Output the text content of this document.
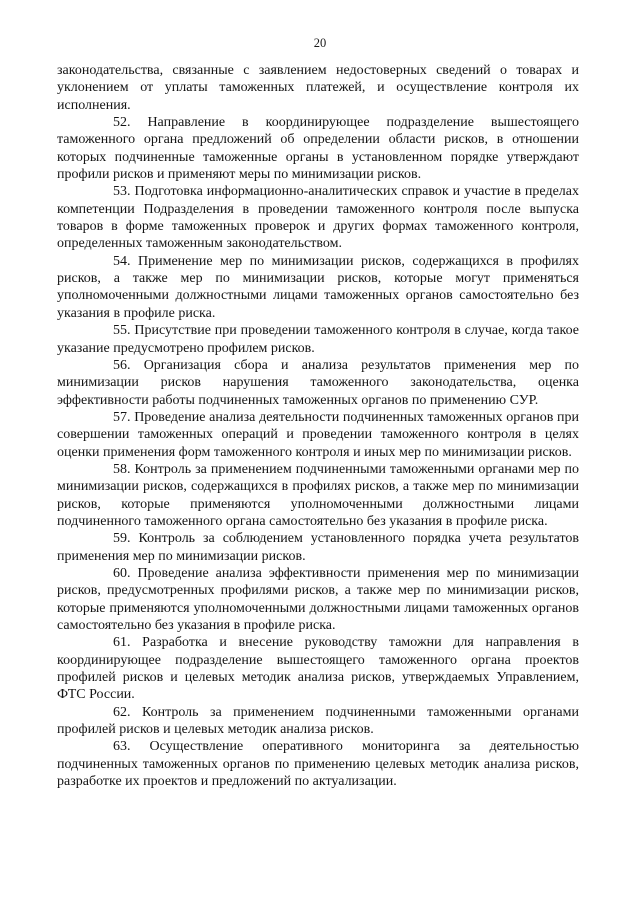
20

законодательства, связанные с заявлением недостоверных сведений о товарах и уклонением от уплаты таможенных платежей, и осуществление контроля их исполнения.

52. Направление в координирующее подразделение вышестоящего таможенного органа предложений об определении области рисков, в отношении которых подчиненные таможенные органы в установленном порядке утверждают профили рисков и применяют меры по минимизации рисков.

53. Подготовка информационно-аналитических справок и участие в пределах компетенции Подразделения в проведении таможенного контроля после выпуска товаров в форме таможенных проверок и других формах таможенного контроля, определенных таможенным законодательством.

54. Применение мер по минимизации рисков, содержащихся в профилях рисков, а также мер по минимизации рисков, которые могут применяться уполномоченными должностными лицами таможенных органов самостоятельно без указания в профиле риска.

55. Присутствие при проведении таможенного контроля в случае, когда такое указание предусмотрено профилем рисков.

56. Организация сбора и анализа результатов применения мер по минимизации рисков нарушения таможенного законодательства, оценка эффективности работы подчиненных таможенных органов по применению СУР.

57. Проведение анализа деятельности подчиненных таможенных органов при совершении таможенных операций и проведении таможенного контроля в целях оценки применения форм таможенного контроля и иных мер по минимизации рисков.

58. Контроль за применением подчиненными таможенными органами мер по минимизации рисков, содержащихся в профилях рисков, а также мер по минимизации рисков, которые применяются уполномоченными должностными лицами подчиненного таможенного органа самостоятельно без указания в профиле риска.

59. Контроль за соблюдением установленного порядка учета результатов применения мер по минимизации рисков.

60. Проведение анализа эффективности применения мер по минимизации рисков, предусмотренных профилями рисков, а также мер по минимизации рисков, которые применяются уполномоченными должностными лицами таможенных органов самостоятельно без указания в профиле риска.

61. Разработка и внесение руководству таможни для направления в координирующее подразделение вышестоящего таможенного органа проектов профилей рисков и целевых методик анализа рисков, утверждаемых Управлением, ФТС России.

62. Контроль за применением подчиненными таможенными органами профилей рисков и целевых методик анализа рисков.

63. Осуществление оперативного мониторинга за деятельностью подчиненных таможенных органов по применению целевых методик анализа рисков, разработке их проектов и предложений по актуализации.
